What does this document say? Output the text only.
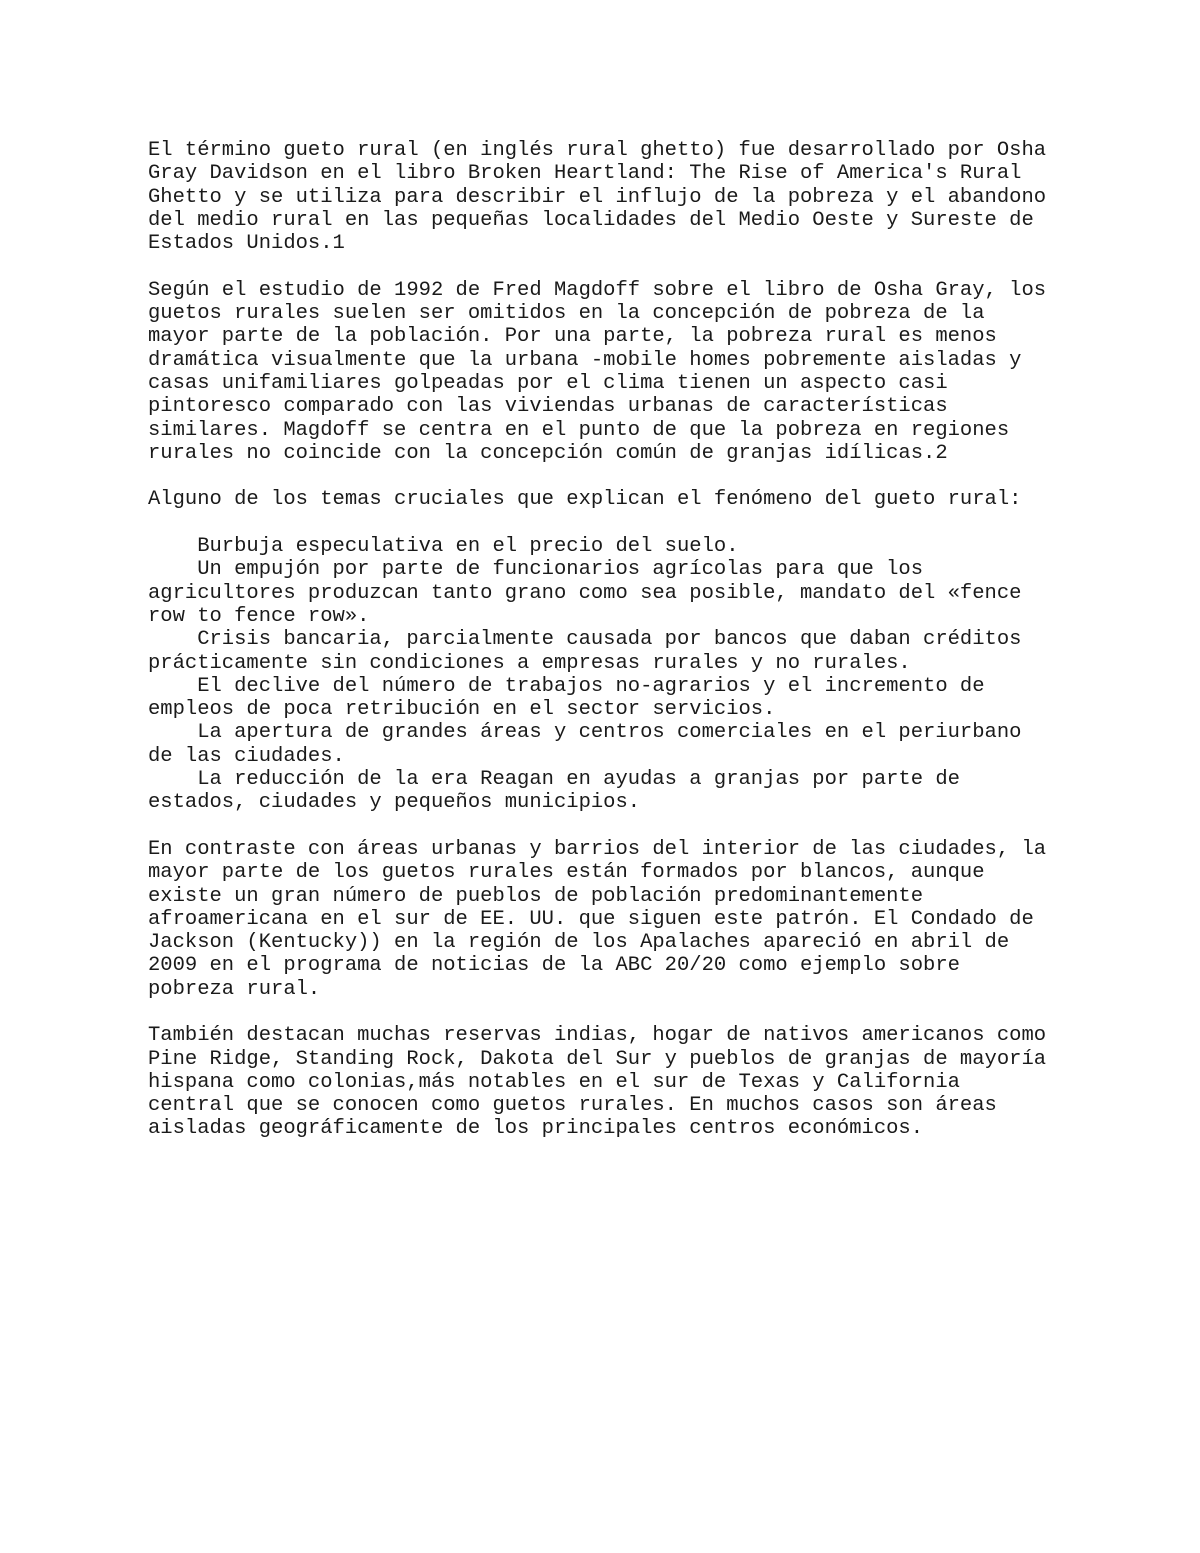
El término gueto rural (en inglés rural ghetto) fue desarrollado por Osha
Gray Davidson en el libro Broken Heartland: The Rise of America's Rural
Ghetto y se utiliza para describir el influjo de la pobreza y el abandono
del medio rural en las pequeñas localidades del Medio Oeste y Sureste de
Estados Unidos.1
Según el estudio de 1992 de Fred Magdoff sobre el libro de Osha Gray, los
guetos rurales suelen ser omitidos en la concepción de pobreza de la
mayor parte de la población. Por una parte, la pobreza rural es menos
dramática visualmente que la urbana -mobile homes pobremente aisladas y
casas unifamiliares golpeadas por el clima tienen un aspecto casi
pintoresco comparado con las viviendas urbanas de características
similares. Magdoff se centra en el punto de que la pobreza en regiones
rurales no coincide con la concepción común de granjas idílicas.2
Alguno de los temas cruciales que explican el fenómeno del gueto rural:
Burbuja especulativa en el precio del suelo.
Un empujón por parte de funcionarios agrícolas para que los
agricultores produzcan tanto grano como sea posible, mandato del «fence
row to fence row».
Crisis bancaria, parcialmente causada por bancos que daban créditos
prácticamente sin condiciones a empresas rurales y no rurales.
El declive del número de trabajos no-agrarios y el incremento de
empleos de poca retribución en el sector servicios.
La apertura de grandes áreas y centros comerciales en el periurbano
de las ciudades.
La reducción de la era Reagan en ayudas a granjas por parte de
estados, ciudades y pequeños municipios.
En contraste con áreas urbanas y barrios del interior de las ciudades, la
mayor parte de los guetos rurales están formados por blancos, aunque
existe un gran número de pueblos de población predominantemente
afroamericana en el sur de EE. UU. que siguen este patrón. El Condado de
Jackson (Kentucky)) en la región de los Apalaches apareció en abril de
2009 en el programa de noticias de la ABC 20/20 como ejemplo sobre
pobreza rural.
También destacan muchas reservas indias, hogar de nativos americanos como
Pine Ridge, Standing Rock, Dakota del Sur y pueblos de granjas de mayoría
hispana como colonias,más notables en el sur de Texas y California
central que se conocen como guetos rurales. En muchos casos son áreas
aisladas geográficamente de los principales centros económicos.
